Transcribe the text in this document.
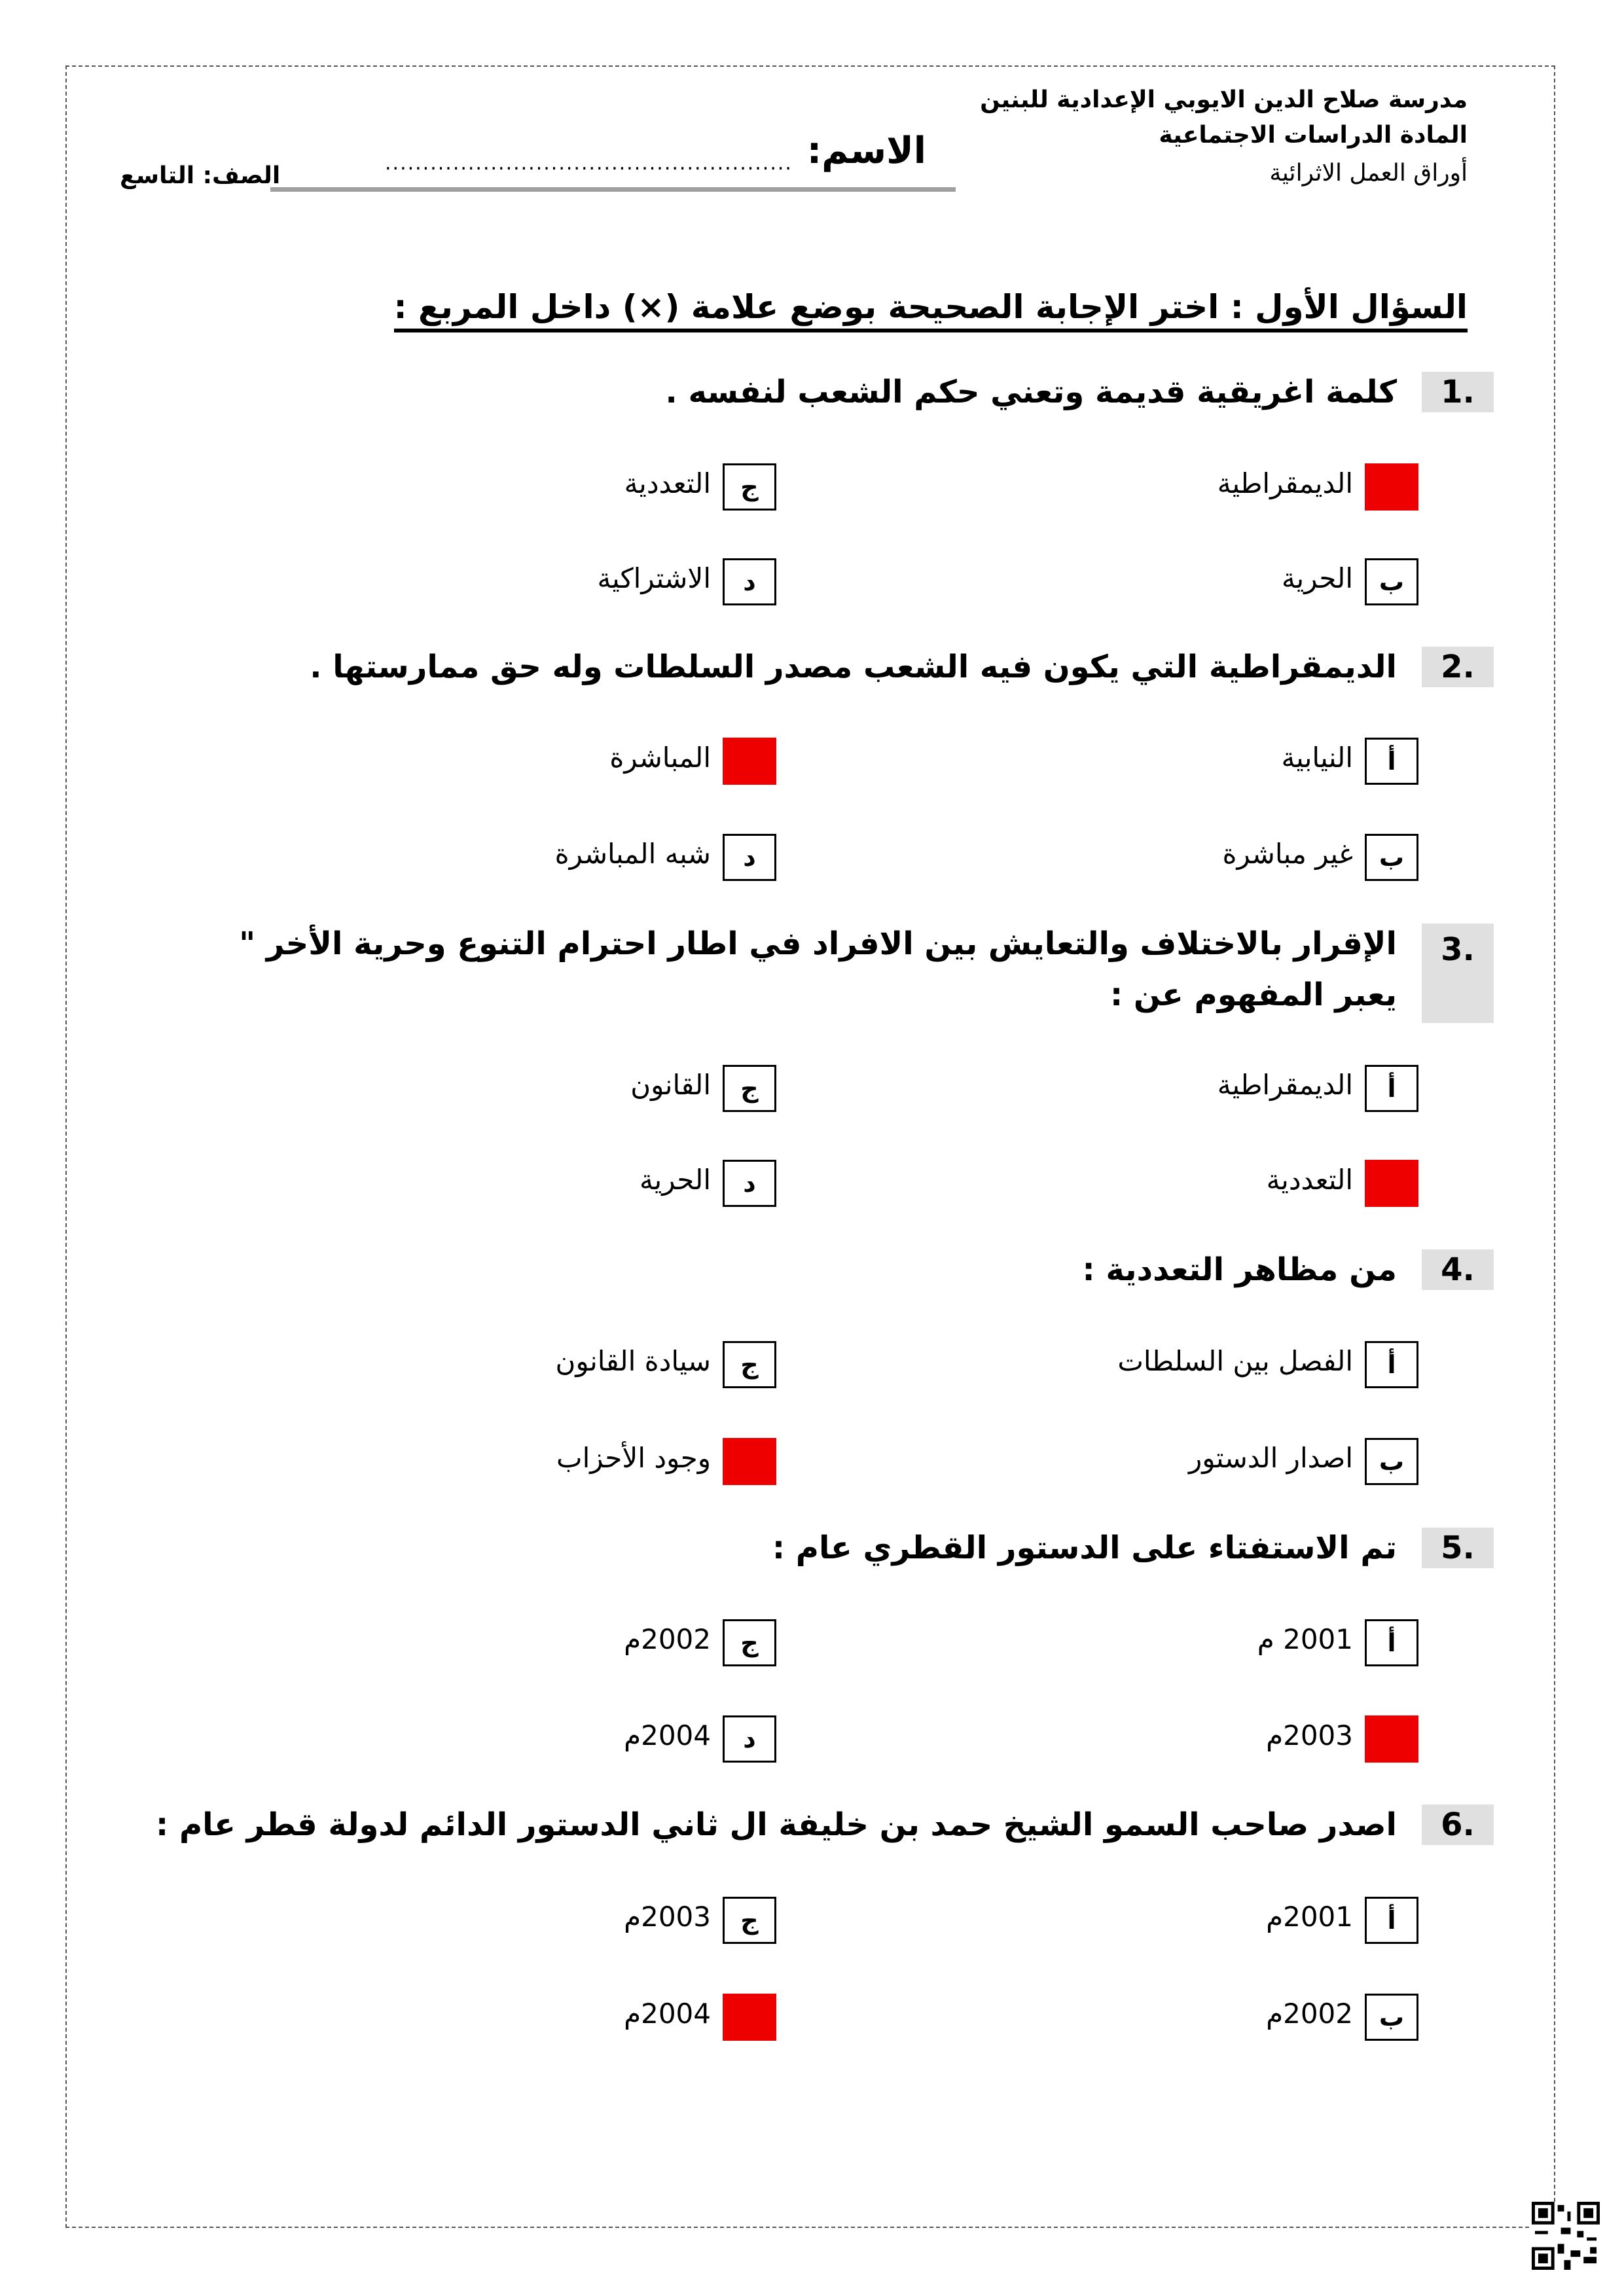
مدرسة صلاح الدين الايوبي الإعدادية للبنين
المادة الدراسات الاجتماعية
أوراق العمل الاثرائية
الاسم:
......................................................
الصف: التاسع
السؤال الأول : اختر الإجابة الصحيحة بوضع علامة (×) داخل المربع :
1.
كلمة اغريقية قديمة وتعني حكم الشعب لنفسه .
الديمقراطية
ب
الحرية
ج
التعددية
د
الاشتراكية
2.
الديمقراطية التي يكون فيه الشعب مصدر السلطات وله حق ممارستها .
أ
النيابية
ب
غير مباشرة
المباشرة
د
شبه المباشرة
3.
الإقرار بالاختلاف والتعايش بين الافراد في اطار احترام التنوع وحرية الأخر "
يعبر المفهوم عن :
أ
الديمقراطية
التعددية
ج
القانون
د
الحرية
4.
من مظاهر التعددية :
أ
الفصل بين السلطات
ب
اصدار الدستور
ج
سيادة القانون
وجود الأحزاب
5.
تم الاستفتاء على الدستور القطري عام :
أ
2001 م
2003م
ج
2002م
د
2004م
6.
اصدر صاحب السمو الشيخ حمد بن خليفة ال ثاني الدستور الدائم لدولة قطر عام :
أ
2001م
ب
2002م
ج
2003م
2004م
